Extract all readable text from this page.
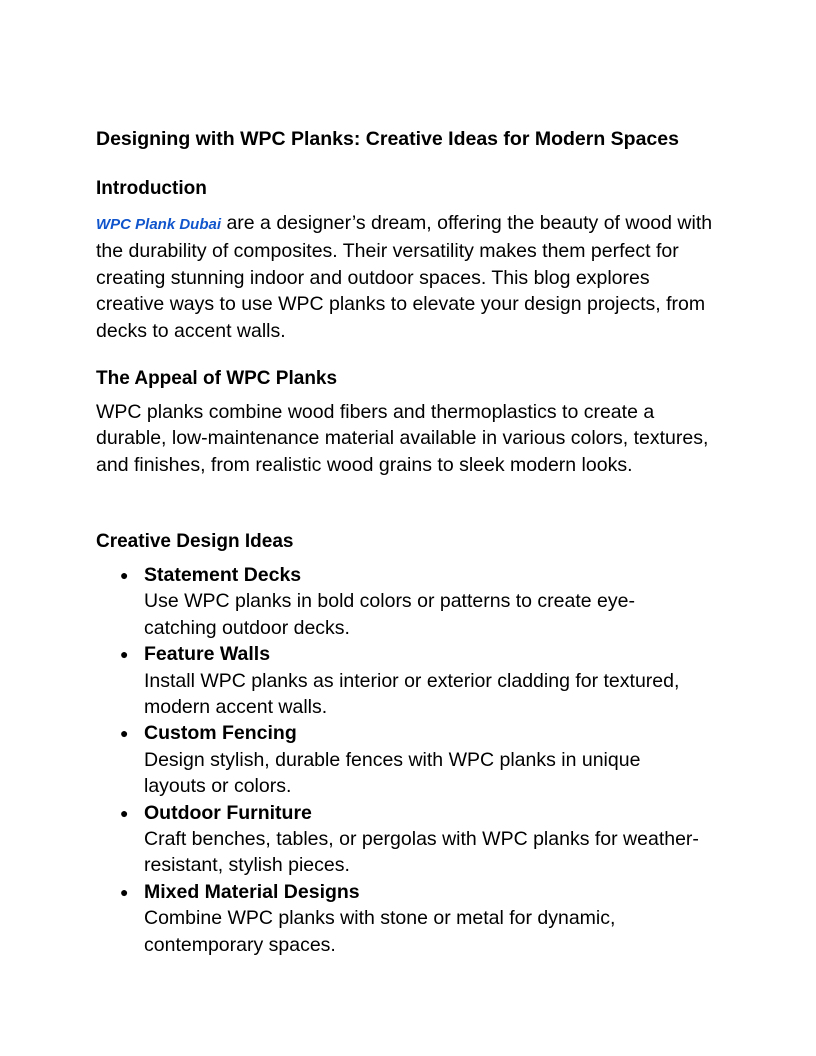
Designing with WPC Planks: Creative Ideas for Modern Spaces
Introduction

WPC Plank Dubai are a designer’s dream, offering the beauty of wood with the durability of composites. Their versatility makes them perfect for creating stunning indoor and outdoor spaces. This blog explores creative ways to use WPC planks to elevate your design projects, from decks to accent walls.

The Appeal of WPC Planks

WPC planks combine wood fibers and thermoplastics to create a durable, low-maintenance material available in various colors, textures, and finishes, from realistic wood grains to sleek modern looks.

Creative Design Ideas
● Statement Decks
Use WPC planks in bold colors or patterns to create eye-catching outdoor decks.
● Feature Walls
Install WPC planks as interior or exterior cladding for textured, modern accent walls.
● Custom Fencing
Design stylish, durable fences with WPC planks in unique layouts or colors.
● Outdoor Furniture
Craft benches, tables, or pergolas with WPC planks for weather-resistant, stylish pieces.
● Mixed Material Designs
Combine WPC planks with stone or metal for dynamic, contemporary spaces.
